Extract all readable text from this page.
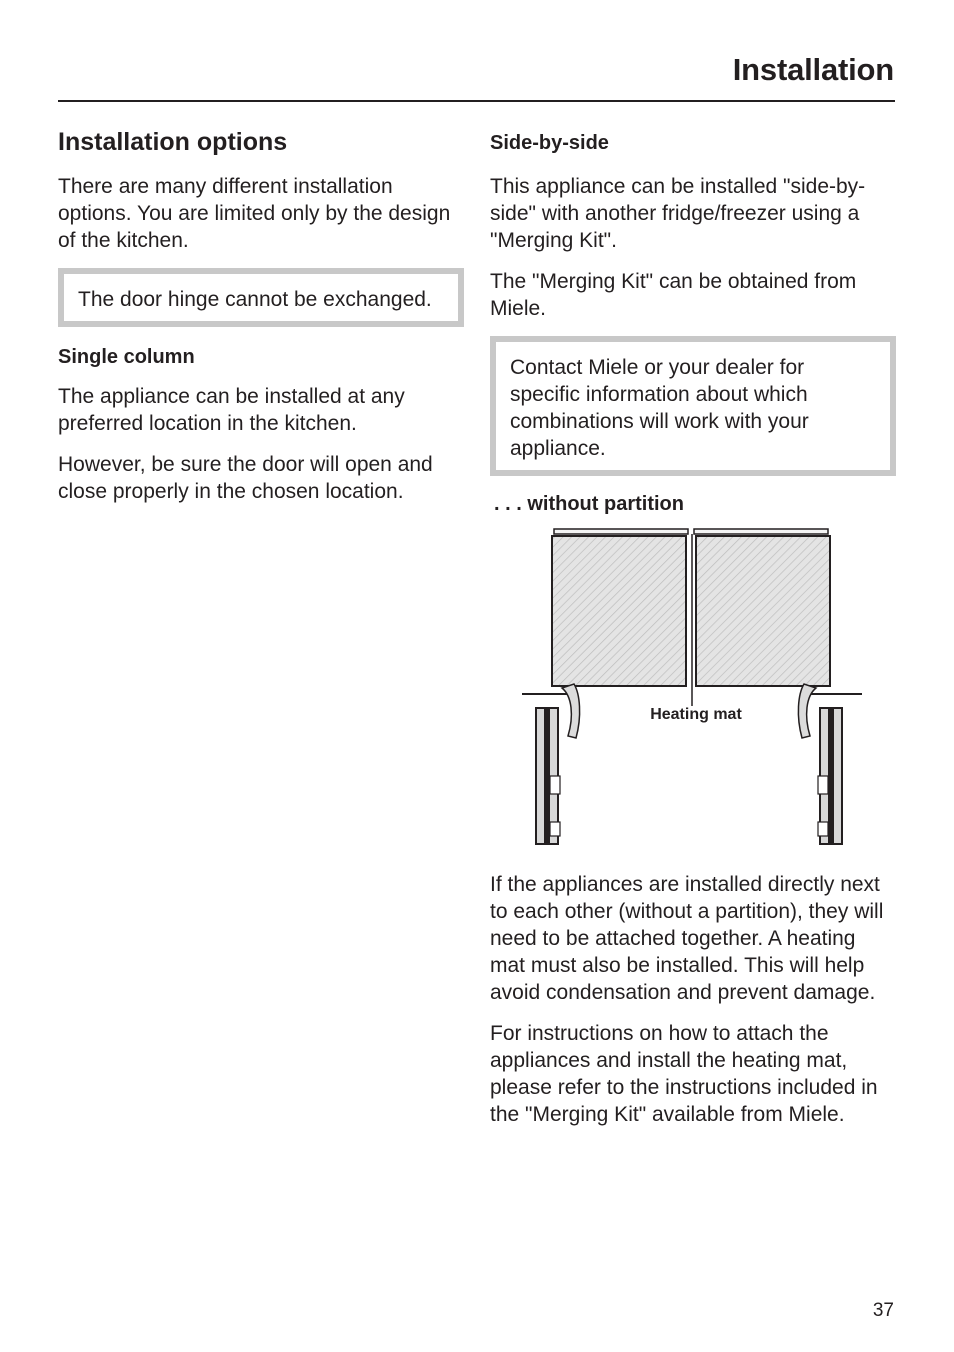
Installation
Installation options

There are many different installation options. You are limited only by the design of the kitchen.

The door hinge cannot be exchanged.
Single column

The appliance can be installed at any preferred location in the kitchen.

However, be sure the door will open and close properly in the chosen location.

Side-by-side

This appliance can be installed "side-by-side" with another fridge/freezer using a "Merging Kit".

The "Merging Kit" can be obtained from Miele.

Contact Miele or your dealer for specific information about which combinations will work with your appliance.
. . . without partition
Heating mat

If the appliances are installed directly next to each other (without a partition), they will need to be attached together. A heating mat must also be installed. This will help avoid condensation and prevent damage.

For instructions on how to attach the appliances and install the heating mat, please refer to the instructions included in the "Merging Kit" available from Miele.

37
